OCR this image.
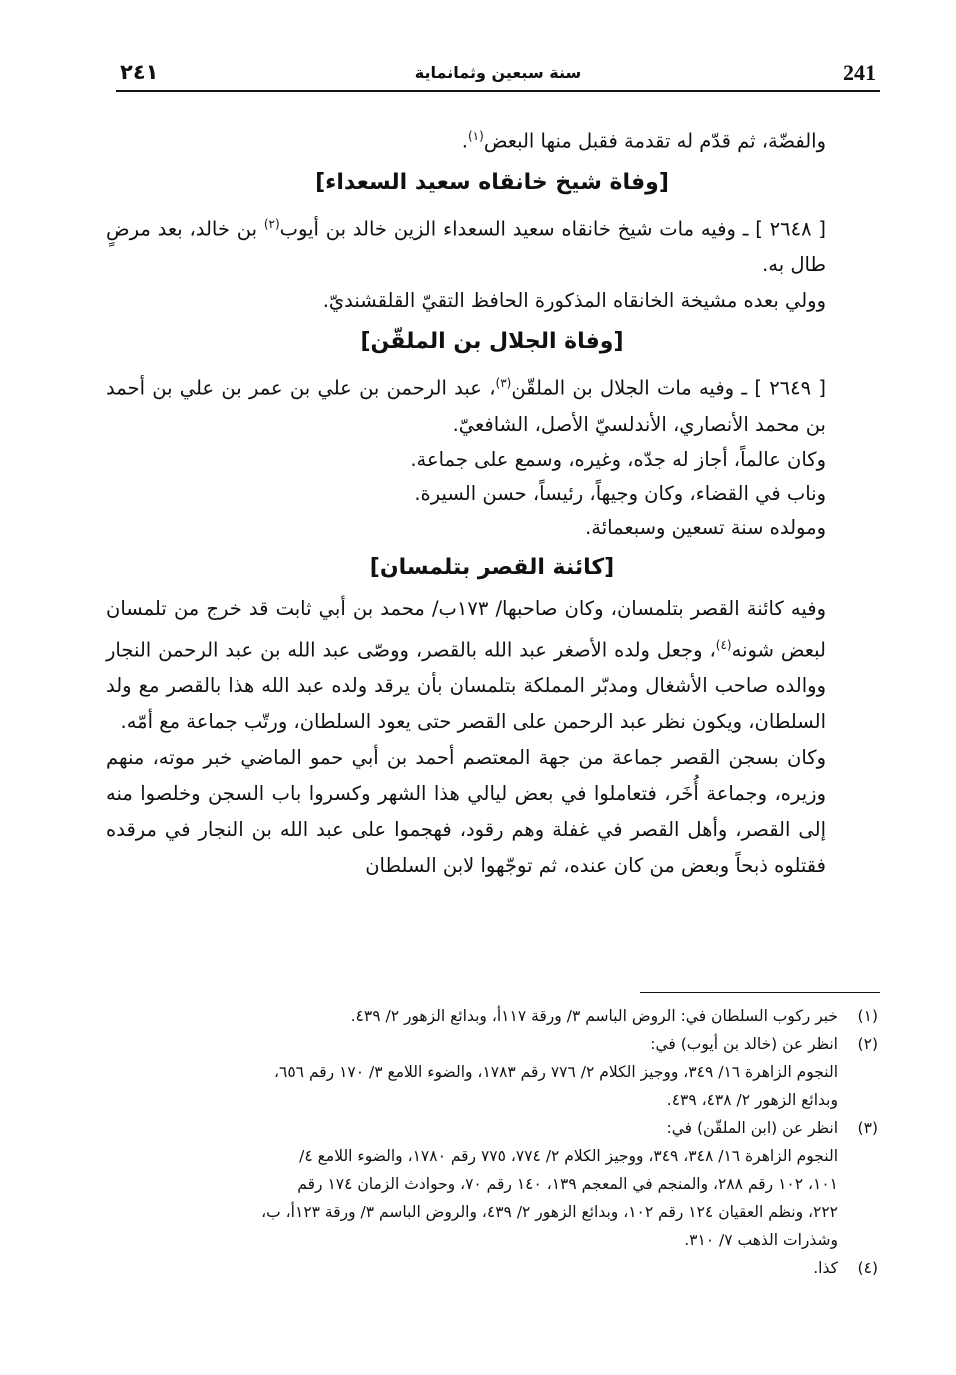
241
سنة سبعين وثمانماية
٢٤١

والفضّة، ثم قدّم له تقدمة فقبل منها البعض$^{(١)}$.

[وفاة شيخ خانقاه سعيد السعداء]

[ ٢٦٤٨ ] ـ وفيه مات شيخ خانقاه سعيد السعداء الزين خالد بن أيوب$^{(٢)}$ بن خالد، بعد مرضٍ طال به.

وولي بعده مشيخة الخانقاه المذكورة الحافظ التقيّ القلقشنديّ.

[وفاة الجلال بن الملقّن]

[ ٢٦٤٩ ] ـ وفيه مات الجلال بن الملقّن$^{(٣)}$، عبد الرحمن بن علي بن عمر بن علي بن أحمد بن محمد الأنصاري، الأندلسيّ الأصل، الشافعيّ.

وكان عالماً، أجاز له جدّه، وغيره، وسمع على جماعة.

وناب في القضاء، وكان وجيهاً، رئيساً، حسن السيرة.

ومولده سنة تسعين وسبعمائة.

[كائنة القصر بتلمسان]

وفيه كائنة القصر بتلمسان، وكان صاحبها/ ١٧٣ب/ محمد بن أبي ثابت قد خرج من تلمسان لبعض شونه$^{(٤)}$، وجعل ولده الأصغر عبد الله بالقصر، ووصّى عبد الله بن عبد الرحمن النجار ووالده صاحب الأشغال ومدبّر المملكة بتلمسان بأن يرقد ولده عبد الله هذا بالقصر مع ولد السلطان، ويكون نظر عبد الرحمن على القصر حتى يعود السلطان، ورتّب جماعة مع أمّه.

وكان بسجن القصر جماعة من جهة المعتصم أحمد بن أبي حمو الماضي خبر موته، منهم وزيره، وجماعة أُخَر، فتعاملوا في بعض ليالي هذا الشهر وكسروا باب السجن وخلصوا منه إلى القصر، وأهل القصر في غفلة وهم رقود، فهجموا على عبد الله بن النجار في مرقده فقتلوه ذبحاً وبعض من كان عنده، ثم توجّهوا لابن السلطان

(١)
خبر ركوب السلطان في: الروض الباسم ٣/ ورقة ١١٧أ، وبدائع الزهور ٢/ ٤٣٩.
(٢)
انظر عن (خالد بن أيوب) في:
النجوم الزاهرة ١٦/ ٣٤٩، ووجيز الكلام ٢/ ٧٧٦ رقم ١٧٨٣، والضوء اللامع ٣/ ١٧٠ رقم ٦٥٦،
وبدائع الزهور ٢/ ٤٣٨، ٤٣٩.
(٣)
انظر عن (ابن الملقّن) في:
النجوم الزاهرة ١٦/ ٣٤٨، ٣٤٩، ووجيز الكلام ٢/ ٧٧٤، ٧٧٥ رقم ١٧٨٠، والضوء اللامع ٤/
١٠١، ١٠٢ رقم ٢٨٨، والمنجم في المعجم ١٣٩، ١٤٠ رقم ٧٠، وحوادث الزمان ١٧٤ رقم
٢٢٢، ونظم العقيان ١٢٤ رقم ١٠٢، وبدائع الزهور ٢/ ٤٣٩، والروض الباسم ٣/ ورقة ١٢٣أ، ب،
وشذرات الذهب ٧/ ٣١٠.
(٤)
كذا.
